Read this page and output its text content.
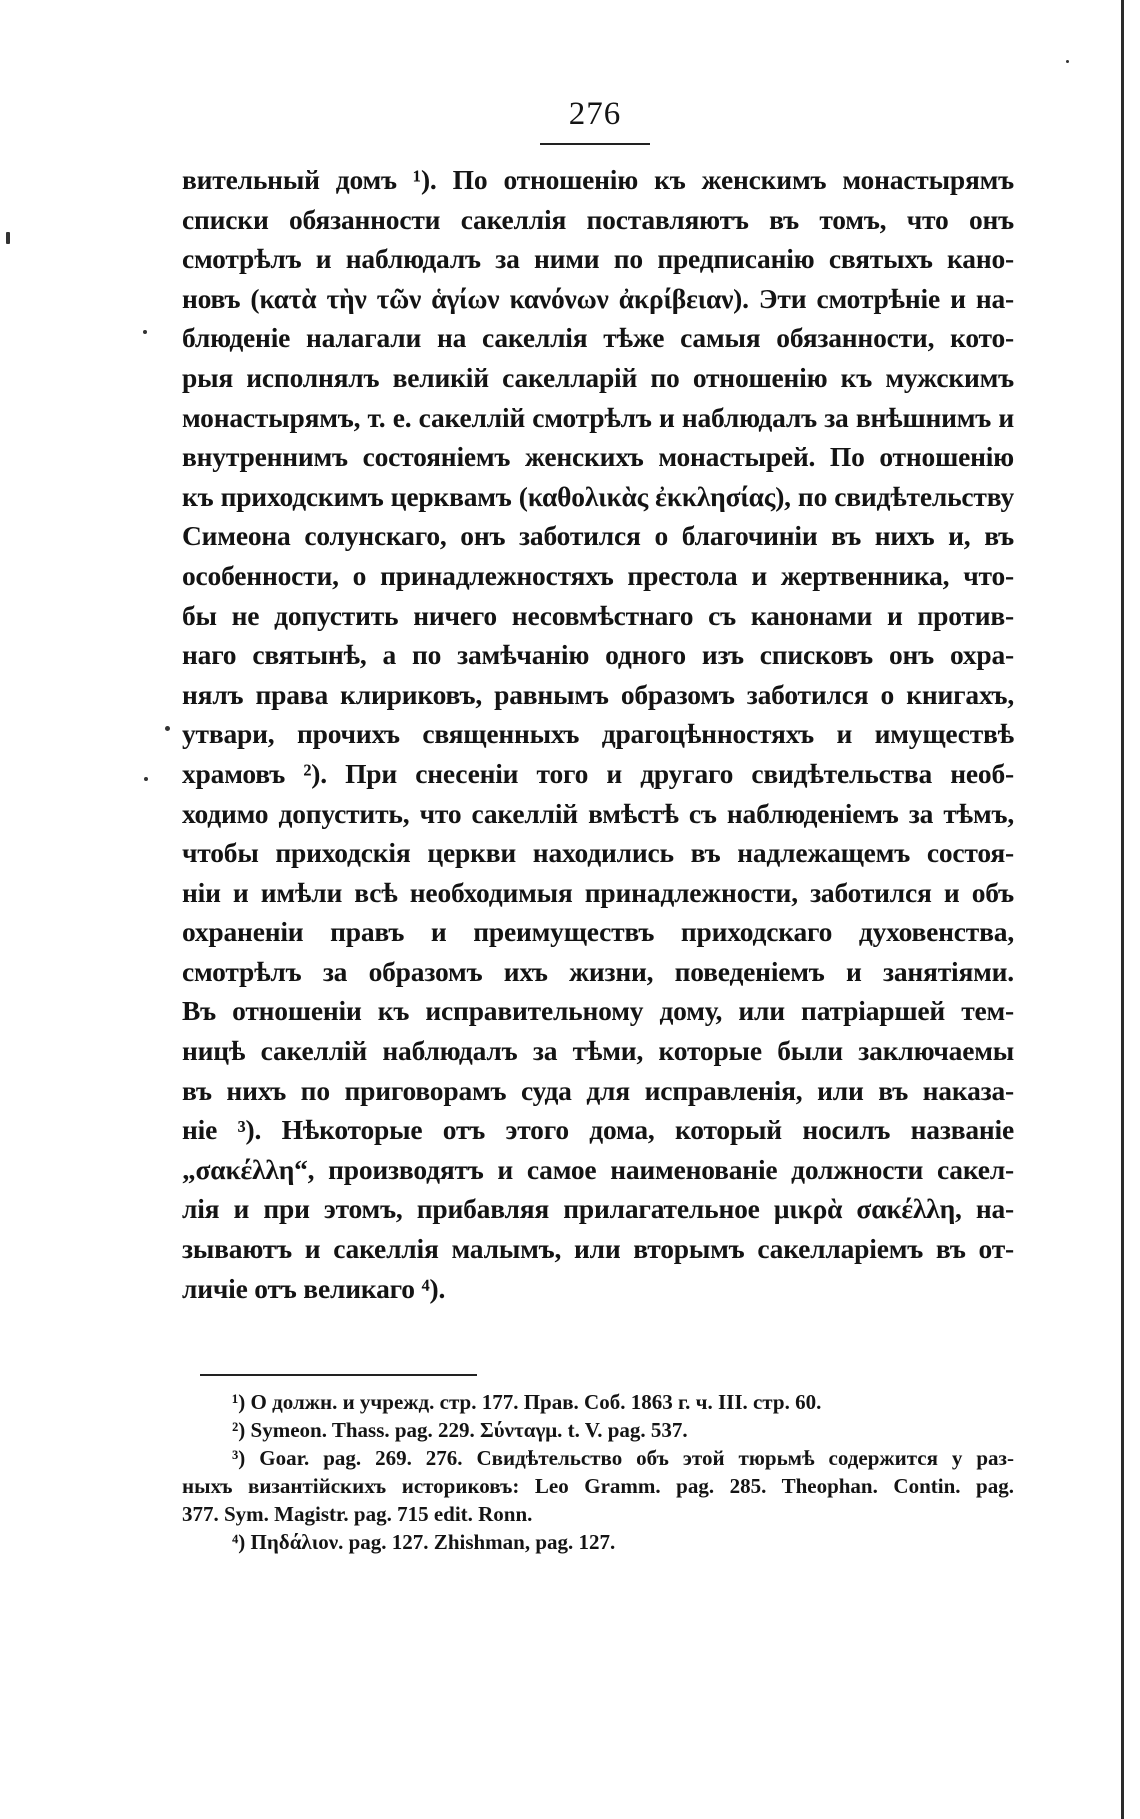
276
вительный домъ ¹). По отношенію къ женскимъ монастырямъ
списки обязанности сакеллія поставляютъ въ томъ, что онъ
смотрѣлъ и наблюдалъ за ними по предписанію святыхъ кано-
новъ (κατὰ τὴν τῶν ἁγίων κανόνων ἀκρίβειαν). Эти смотрѣніе и на-
блюденіе налагали на сакеллія тѣже самыя обязанности, кото-
рыя исполнялъ великій сакелларій по отношенію къ мужскимъ
монастырямъ, т. е. сакеллій смотрѣлъ и наблюдалъ за внѣшнимъ и
внутреннимъ состояніемъ женскихъ монастырей. По отношенію
къ приходскимъ церквамъ (καθολικὰς ἐκκλησίας), по свидѣтельству
Симеона солунскаго, онъ заботился о благочиніи въ нихъ и, въ
особенности, о принадлежностяхъ престола и жертвенника, что-
бы не допустить ничего несовмѣстнаго съ канонами и против-
наго святынѣ, а по замѣчанію одного изъ списковъ онъ охра-
нялъ права клириковъ, равнымъ образомъ заботился о книгахъ,
утвари, прочихъ священныхъ драгоцѣнностяхъ и имуществѣ
храмовъ ²). При снесеніи того и другаго свидѣтельства необ-
ходимо допустить, что сакеллій вмѣстѣ съ наблюденіемъ за тѣмъ,
чтобы приходскія церкви находились въ надлежащемъ состоя-
ніи и имѣли всѣ необходимыя принадлежности, заботился и объ
охраненіи правъ и преимуществъ приходскаго духовенства,
смотрѣлъ за образомъ ихъ жизни, поведеніемъ и занятіями.
Въ отношеніи къ исправительному дому, или патріаршей тем-
ницѣ сакеллій наблюдалъ за тѣми, которые были заключаемы
въ нихъ по приговорамъ суда для исправленія, или въ наказа-
ніе ³). Нѣкоторые отъ этого дома, который носилъ названіе
„σακέλλη“, производятъ и самое наименованіе должности сакел-
лія и при этомъ, прибавляя прилагательное μικρὰ σακέλλη, на-
зываютъ и сакеллія малымъ, или вторымъ сакелларіемъ въ от-
личіе отъ великаго ⁴).
¹) О должн. и учрежд. стр. 177. Прав. Соб. 1863 г. ч. III. стр. 60.
²) Symeon. Thass. pag. 229. Σύνταγμ. t. V. pag. 537.
³) Goar. pag. 269. 276. Свидѣтельство объ этой тюрьмѣ содержится у раз-
ныхъ византійскихъ историковъ: Leo Gramm. pag. 285. Theophan. Contin. pag.
377. Sym. Magistr. pag. 715 edit. Ronn.
⁴) Πηδάλιον. pag. 127. Zhishman, pag. 127.
